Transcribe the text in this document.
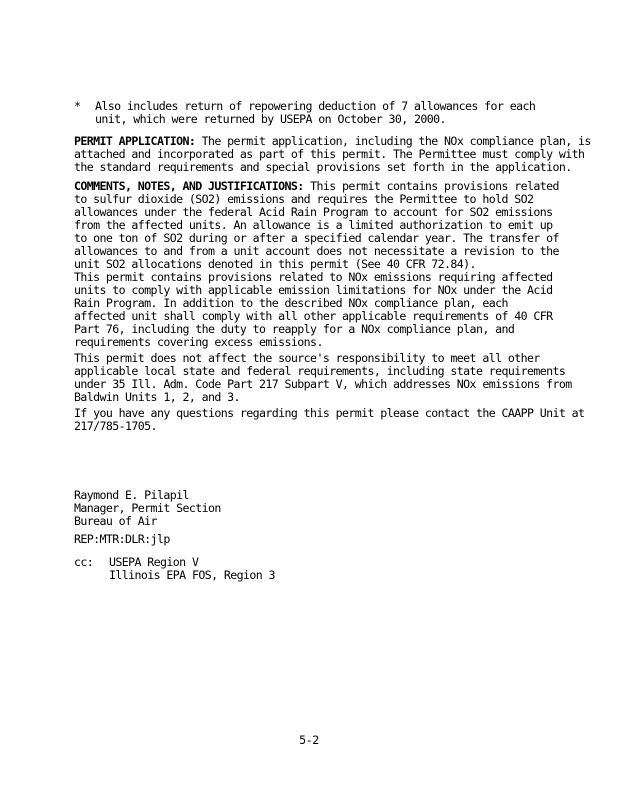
* Also includes return of repowering deduction of 7 allowances for each
unit, which were returned by USEPA on October 30, 2000.
PERMIT APPLICATION: The permit application, including the NOx compliance plan, is
attached and incorporated as part of this permit. The Permittee must comply with
the standard requirements and special provisions set forth in the application.
COMMENTS, NOTES, AND JUSTIFICATIONS: This permit contains provisions related
to sulfur dioxide (SO2) emissions and requires the Permittee to hold SO2
allowances under the federal Acid Rain Program to account for SO2 emissions
from the affected units. An allowance is a limited authorization to emit up
to one ton of SO2 during or after a specified calendar year. The transfer of
allowances to and from a unit account does not necessitate a revision to the
unit SO2 allocations denoted in this permit (See 40 CFR 72.84).
This permit contains provisions related to NOx emissions requiring affected
units to comply with applicable emission limitations for NOx under the Acid
Rain Program. In addition to the described NOx compliance plan, each
affected unit shall comply with all other applicable requirements of 40 CFR
Part 76, including the duty to reapply for a NOx compliance plan, and
requirements covering excess emissions.
This permit does not affect the source's responsibility to meet all other
applicable local state and federal requirements, including state requirements
under 35 Ill. Adm. Code Part 217 Subpart V, which addresses NOx emissions from
Baldwin Units 1, 2, and 3.
If you have any questions regarding this permit please contact the CAAPP Unit at
217/785-1705.
Raymond E. Pilapil
Manager, Permit Section
Bureau of Air
REP:MTR:DLR:jlp
cc: USEPA Region V
Illinois EPA FOS, Region 3
5-2
